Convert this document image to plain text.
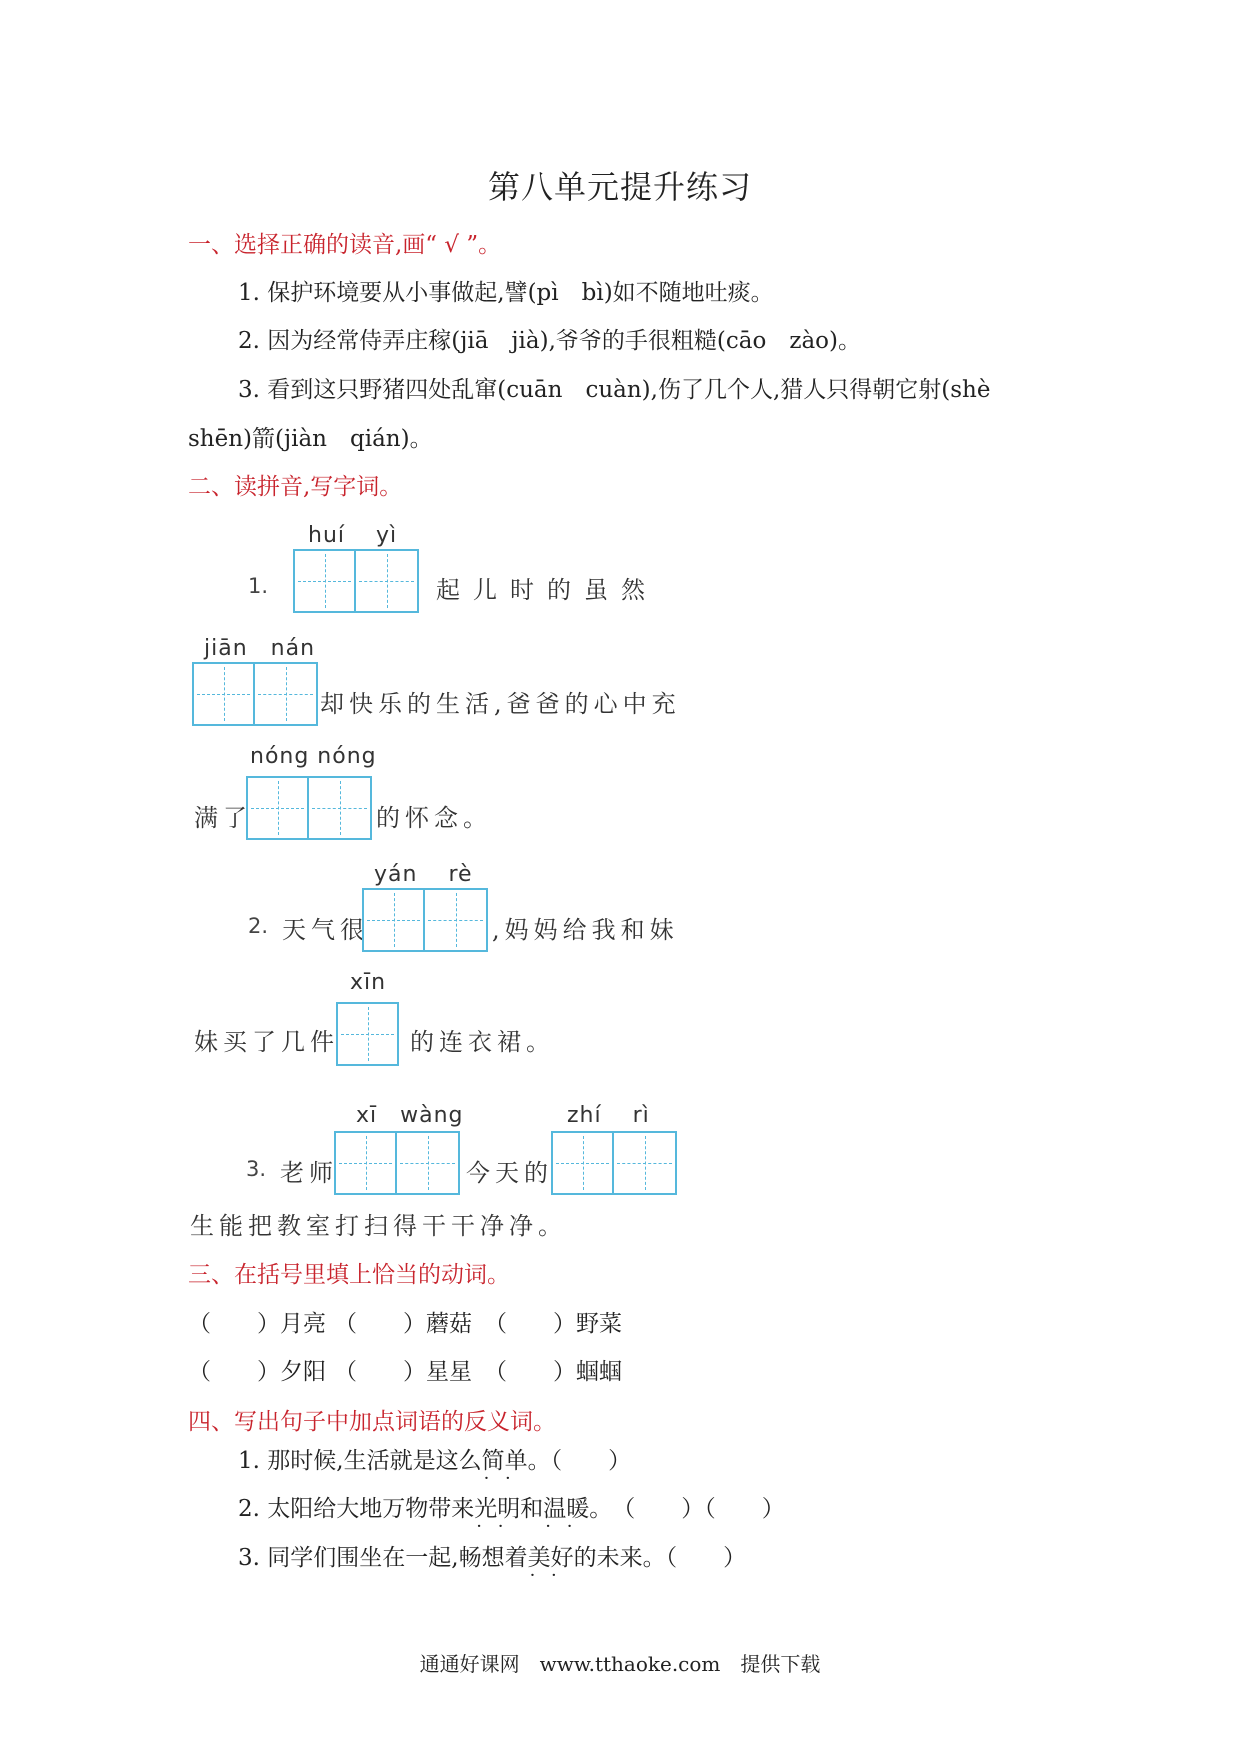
第八单元提升练习
一、选择正确的读音,画“ √ ”。
1. 保护环境要从小事做起,譬(pì　bì)如不随地吐痰。
2. 因为经常侍弄庄稼(jiā　jià),爷爷的手很粗糙(cāo　zào)。
3. 看到这只野猪四处乱窜(cuān　cuàn),伤了几个人,猎人只得朝它射(shè
shēn)箭(jiàn　qián)。
二、读拼音,写字词。
huí　 yì
1.	起儿时的虽然
jiān　nán
却快乐的生活,爸爸的心中充
nóng nóng
满了	的怀念。
yán　 rè
2. 天气很	,妈妈给我和妹
xīn
妹买了几件	的连衣裙。
xī　wàng	zhí　 rì
3. 老师	今天的
生能把教室打扫得干干净净。
三、在括号里填上恰当的动词。
（　　）月亮 （　　）蘑菇 （　　）野菜
（　　）夕阳 （　　）星星 （　　）蝈蝈
四、写出句子中加点词语的反义词。
1. 那时候,生活就是这么简单 · ·。（　　）
2. 太阳给大地万物带来光明 · ·和温暖 · ·。　（　　）（　　）
3. 同学们围坐在一起,畅想着美好 · ·的未来。（　　）
通通好课网　www.tthaoke.com　提供下载
